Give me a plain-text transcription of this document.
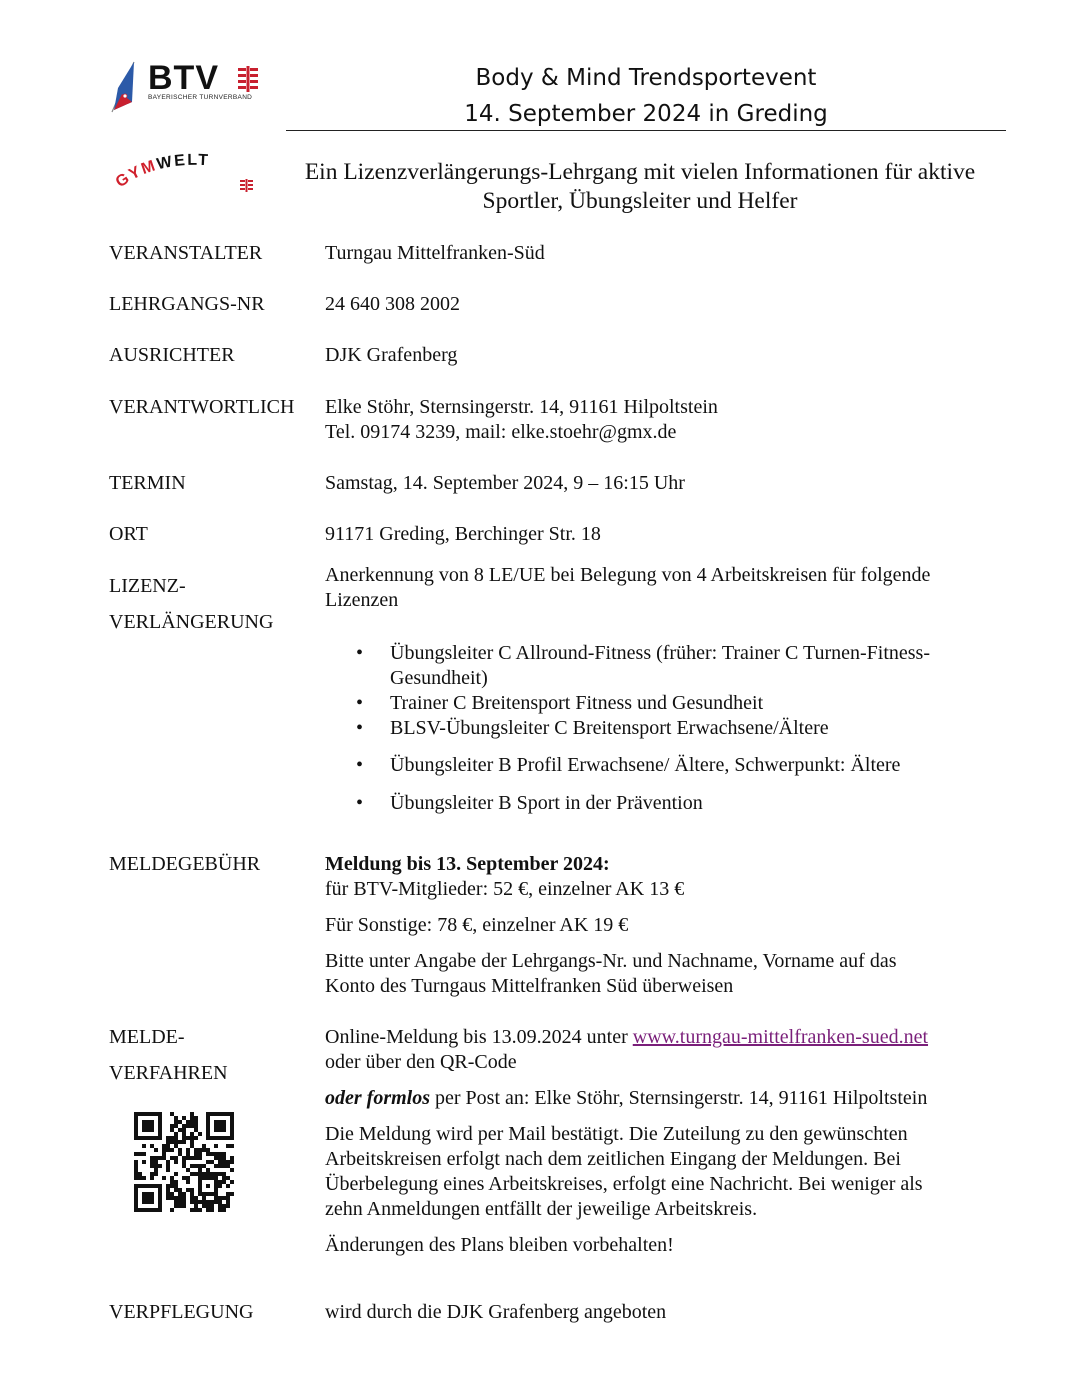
BTV
BAYERISCHER TURNVERBAND
Body & Mind Trendsportevent
14. September 2024 in Greding
GYMWELT	Ein Lizenzverlängerungs-Lehrgang mit vielen Informationen für aktive
Sportler, Übungsleiter und Helfer
VERANSTALTER	Turngau Mittelfranken-Süd
LEHRGANGS-NR	24 640 308 2002
AUSRICHTER	DJK Grafenberg
VERANTWORTLICH Elke Stöhr, Sternsingerstr. 14, 91161 Hilpoltstein
Tel. 09174 3239, mail: elke.stoehr@gmx.de
TERMIN	Samstag, 14. September 2024, 9 – 16:15 Uhr
ORT	91171 Greding, Berchinger Str. 18
LIZENZ-
VERLÄNGERUNG
Anerkennung von 8 LE/UE bei Belegung von 4 Arbeitskreisen für folgende
Lizenzen
• Übungsleiter C Allround-Fitness (früher: Trainer C Turnen-Fitness-
Gesundheit)
• Trainer C Breitensport Fitness und Gesundheit
• BLSV-Übungsleiter C Breitensport Erwachsene/Ältere
• Übungsleiter B Profil Erwachsene/ Ältere, Schwerpunkt: Ältere
• Übungsleiter B Sport in der Prävention
MELDEGEBÜHR	Meldung bis 13. September 2024:
für BTV-Mitglieder: 52 €, einzelner AK 13 €
Für Sonstige: 78 €, einzelner AK 19 €
Bitte unter Angabe der Lehrgangs-Nr. und Nachname, Vorname auf das
Konto des Turngaus Mittelfranken Süd überweisen
MELDE-
VERFAHREN
Online-Meldung bis 13.09.2024 unter www.turngau-mittelfranken-sued.net
oder über den QR-Code
oder formlos per Post an: Elke Stöhr, Sternsingerstr. 14, 91161 Hilpoltstein
Die Meldung wird per Mail bestätigt. Die Zuteilung zu den gewünschten
Arbeitskreisen erfolgt nach dem zeitlichen Eingang der Meldungen. Bei
Überbelegung eines Arbeitskreises, erfolgt eine Nachricht. Bei weniger als
zehn Anmeldungen entfällt der jeweilige Arbeitskreis.
Änderungen des Plans bleiben vorbehalten!
VERPFLEGUNG	wird durch die DJK Grafenberg angeboten
